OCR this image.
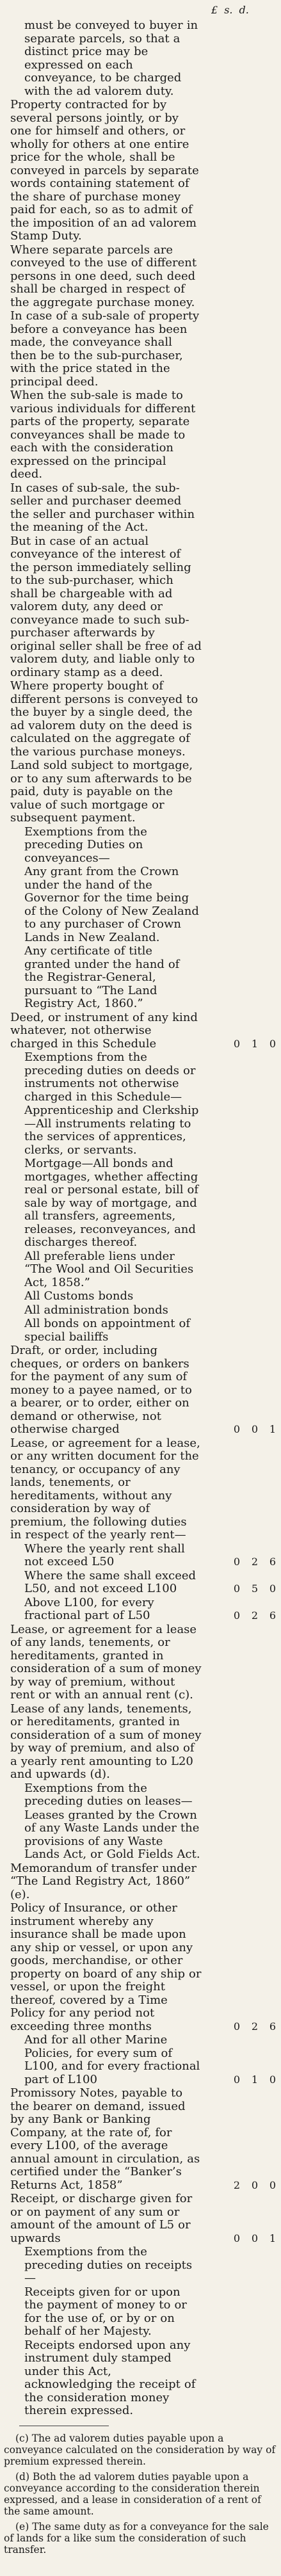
£ s. d.
must be conveyed to buyer in separate parcels, so that a distinct price may be expressed on each conveyance, to be charged with the ad valorem duty.
Property contracted for by several persons jointly, or by one for himself and others, or wholly for others at one entire price for the whole, shall be conveyed in parcels by separate words containing statement of the share of purchase money paid for each, so as to admit of the imposition of an ad valorem Stamp Duty.
Where separate parcels are conveyed to the use of different persons in one deed, such deed shall be charged in respect of the aggregate purchase money.
In case of a sub-sale of property before a conveyance has been made, the conveyance shall then be to the sub-purchaser, with the price stated in the principal deed.
When the sub-sale is made to various individuals for different parts of the property, separate conveyances shall be made to each with the consideration expressed on the principal deed.
In cases of sub-sale, the sub-seller and purchaser deemed the seller and purchaser within the meaning of the Act.
But in case of an actual conveyance of the interest of the person immediately selling to the sub-purchaser, which shall be chargeable with ad valorem duty, any deed or conveyance made to such sub-purchaser afterwards by original seller shall be free of ad valorem duty, and liable only to ordinary stamp as a deed.
Where property bought of different persons is conveyed to the buyer by a single deed, the ad valorem duty on the deed is calculated on the aggregate of the various purchase moneys.
Land sold subject to mortgage, or to any sum afterwards to be paid, duty is payable on the value of such mortgage or subsequent payment.
Exemptions from the preceding Duties on conveyances—
Any grant from the Crown under the hand of the Governor for the time being of the Colony of New Zealand to any purchaser of Crown Lands in New Zealand.
Any certificate of title granted under the hand of the Registrar-General, pursuant to “The Land Registry Act, 1860.”
Deed, or instrument of any kind whatever, not otherwise charged in this Schedule	0 1 0
Exemptions from the preceding duties on deeds or instruments not otherwise charged in this Schedule—
Apprenticeship and Clerkship—All instruments relating to the services of apprentices, clerks, or servants.
Mortgage—All bonds and mortgages, whether affecting real or personal estate, bill of sale by way of mortgage, and all transfers, agreements, releases, reconveyances, and discharges thereof.
All preferable liens under “The Wool and Oil Securities Act, 1858.”
All Customs bonds
All administration bonds
All bonds on appointment of special bailiffs
Draft, or order, including cheques, or orders on bankers for the payment of any sum of money to a payee named, or to a bearer, or to order, either on demand or otherwise, not otherwise charged	0 0 1
Lease, or agreement for a lease, or any written document for the tenancy, or occupancy of any lands, tenements, or hereditaments, without any consideration by way of premium, the following duties in respect of the yearly rent—
Where the yearly rent shall not exceed L50	0 2 6
Where the same shall exceed L50, and not exceed L100	0 5 0
Above L100, for every fractional part of L50	0 2 6
Lease, or agreement for a lease of any lands, tenements, or hereditaments, granted in consideration of a sum of money by way of premium, without rent or with an annual rent (c).
Lease of any lands, tenements, or hereditaments, granted in consideration of a sum of money by way of premium, and also of a yearly rent amounting to L20 and upwards (d).
Exemptions from the preceding duties on leases—
Leases granted by the Crown of any Waste Lands under the provisions of any Waste Lands Act, or Gold Fields Act.
Memorandum of transfer under “The Land Registry Act, 1860” (e).
Policy of Insurance, or other instrument whereby any insurance shall be made upon any ship or vessel, or upon any goods, merchandise, or other property on board of any ship or vessel, or upon the freight thereof, covered by a Time Policy for any period not exceeding three months	0 2 6
And for all other Marine Policies, for every sum of L100, and for every fractional part of L100	0 1 0
Promissory Notes, payable to the bearer on demand, issued by any Bank or Banking Company, at the rate of, for every L100, of the average annual amount in circulation, as certified under the “Banker’s Returns Act, 1858”	2 0 0
Receipt, or discharge given for or on payment of any sum or amount of the amount of L5 or upwards	0 0 1
Exemptions from the preceding duties on receipts—
Receipts given for or upon the payment of money to or for the use of, or by or on behalf of her Majesty.
Receipts endorsed upon any instrument duly stamped under this Act, acknowledging the receipt of the consideration money therein expressed.
(c) The ad valorem duties payable upon a conveyance calculated on the consideration by way of premium expressed therein.
(d) Both the ad valorem duties payable upon a conveyance according to the consideration therein expressed, and a lease in consideration of a rent of the same amount.
(e) The same duty as for a conveyance for the sale of lands for a like sum the consideration of such transfer.
